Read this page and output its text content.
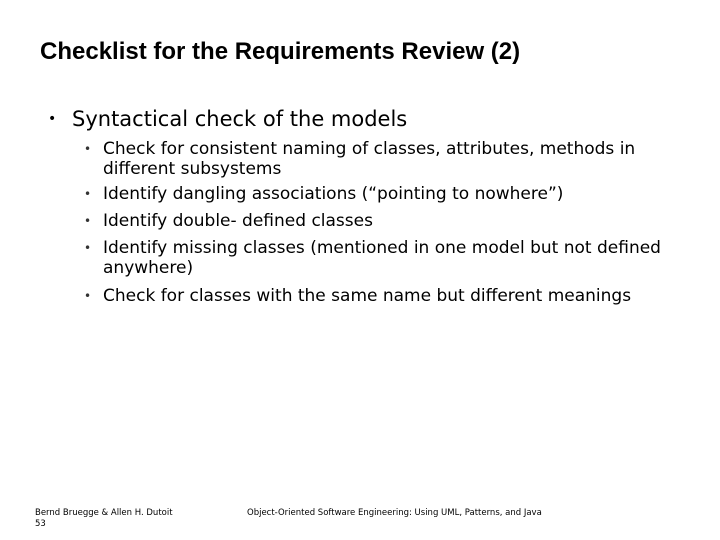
Checklist for the Requirements Review (2)
• Syntactical check of the models
• Check for consistent naming of classes, attributes, methods in different subsystems
• Identify dangling associations (“pointing to nowhere”)
• Identify double- defined classes
• Identify missing classes (mentioned in one model but not defined anywhere)
• Check for classes with the same name but different meanings
Bernd Bruegge & Allen H. Dutoit
53
Object-Oriented Software Engineering: Using UML, Patterns, and Java
